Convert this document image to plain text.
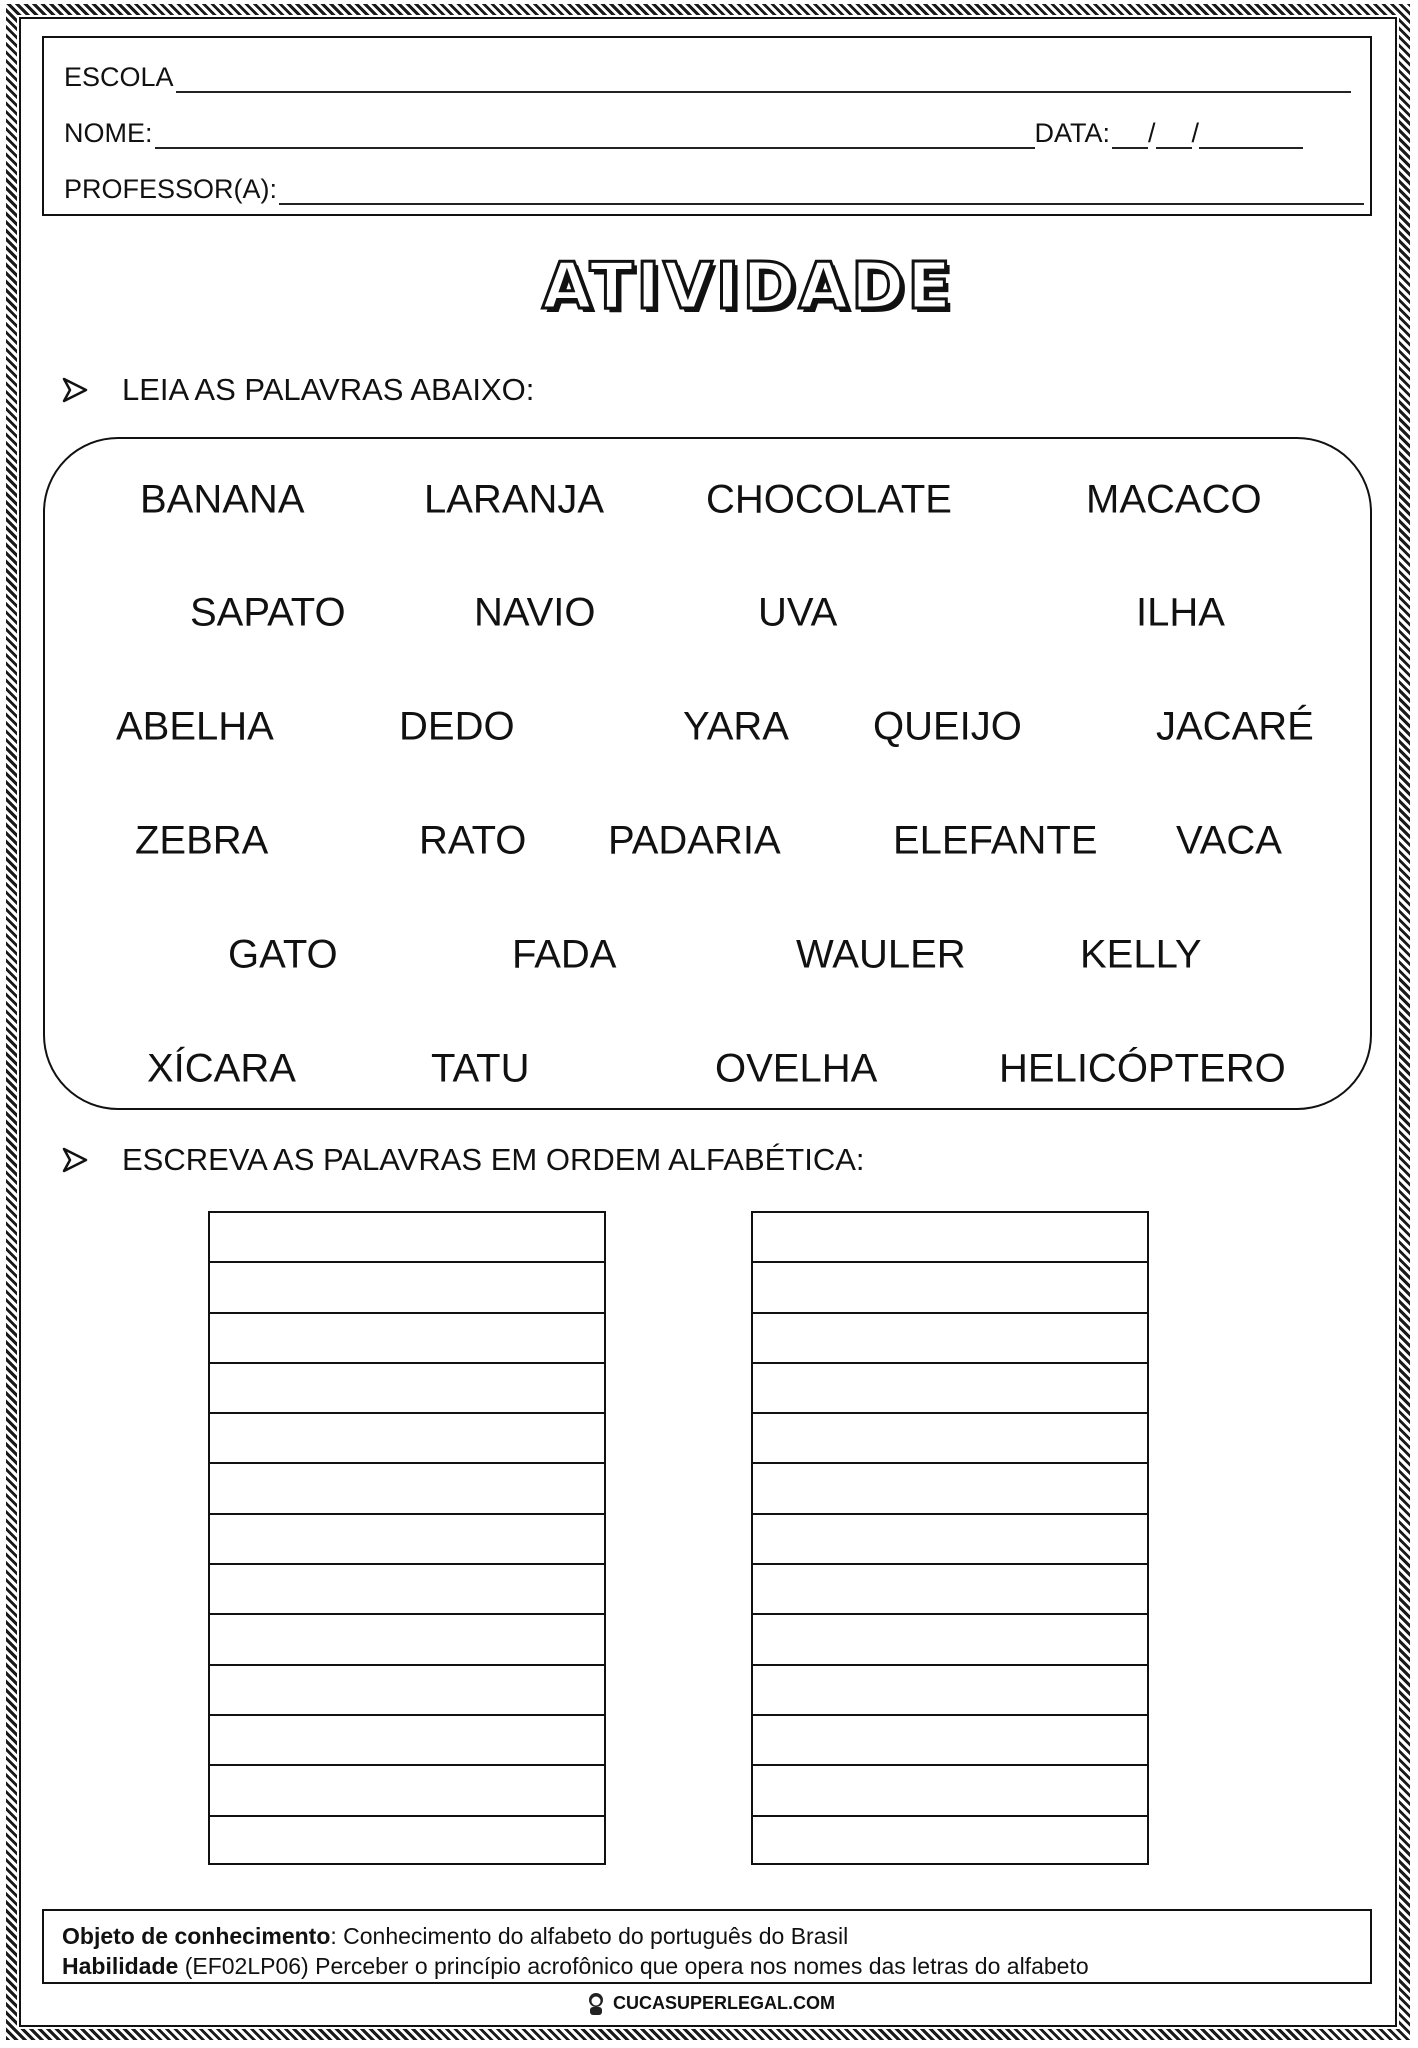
ESCOLA
NOME:	DATA: / /
PROFESSOR(A):
ATIVIDADE
LEIA AS PALAVRAS ABAIXO:
BANANA	LARANJA	CHOCOLATE	MACACO
SAPATO	NAVIO	UVA	ILHA
ABELHA	DEDO	YARA QUEIJO	JACARÉ
ZEBRA	RATO PADARIA	ELEFANTE VACA
GATO	FADA	WAULER	KELLY
XÍCARA	TATU	OVELHA	HELICÓPTERO
ESCREVA AS PALAVRAS EM ORDEM ALFABÉTICA:
Objeto de conhecimento: Conhecimento do alfabeto do português do Brasil
Habilidade (EF02LP06) Perceber o princípio acrofônico que opera nos nomes das letras do alfabeto
CUCASUPERLEGAL.COM
